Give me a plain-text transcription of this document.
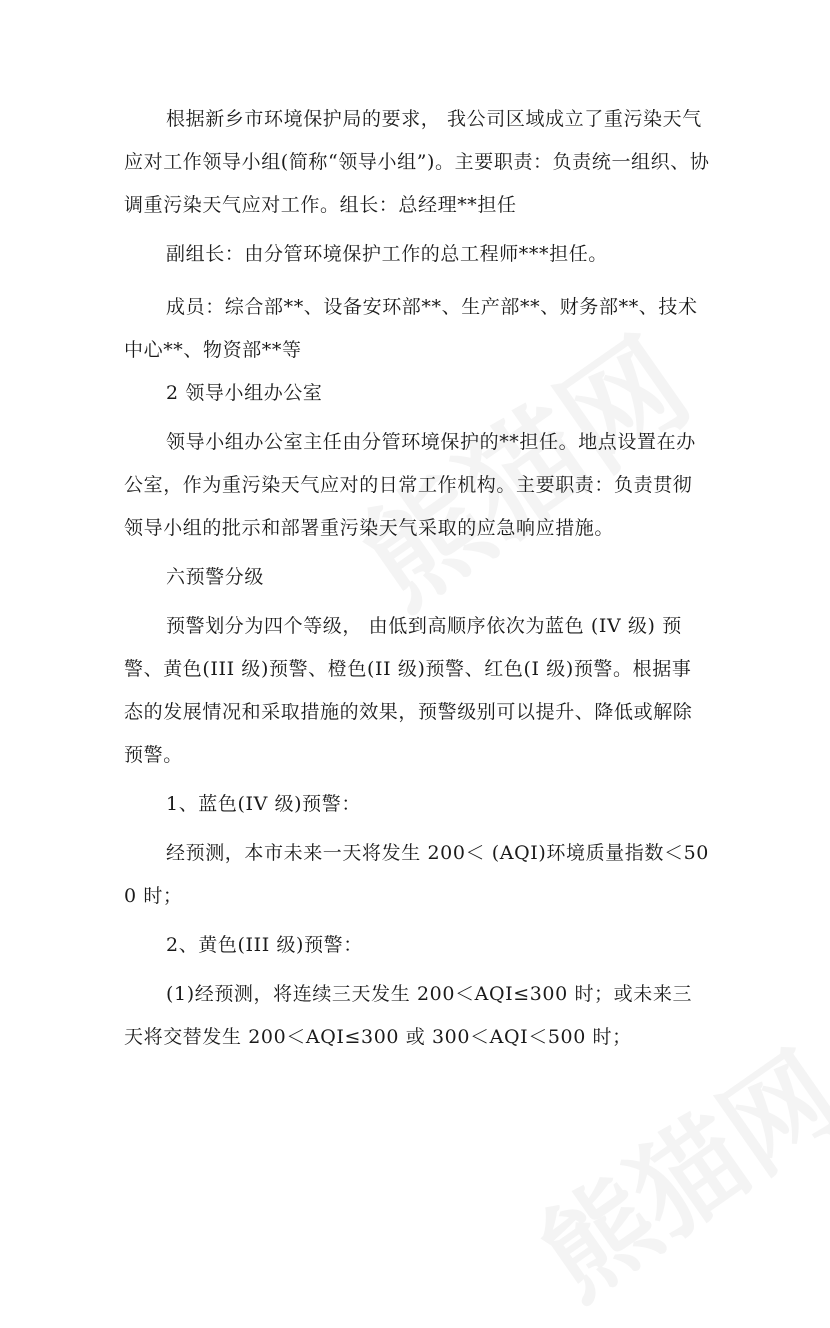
根据新乡市环境保护局的要求， 我公司区域成立了重污染天气应对工作领导小组(简称“领导小组”)。主要职责：负责统一组织、协调重污染天气应对工作。组长：总经理**担任

副组长：由分管环境保护工作的总工程师***担任。

成员：综合部**、设备安环部**、生产部**、财务部**、技术中心**、物资部**等

2 领导小组办公室

领导小组办公室主任由分管环境保护的**担任。地点设置在办公室，作为重污染天气应对的日常工作机构。主要职责：负责贯彻领导小组的批示和部署重污染天气采取的应急响应措施。

六预警分级

预警划分为四个等级， 由低到高顺序依次为蓝色 (IV 级) 预警、黄色(III 级)预警、橙色(II 级)预警、红色(I 级)预警。根据事态的发展情况和采取措施的效果，预警级别可以提升、降低或解除预警。

1、蓝色(IV 级)预警：

经预测，本市未来一天将发生 200＜ (AQI)环境质量指数＜500 时；

2、黄色(III 级)预警：

(1)经预测，将连续三天发生 200＜AQI≤300 时；或未来三天将交替发生 200＜AQI≤300 或 300＜AQI＜500 时；
